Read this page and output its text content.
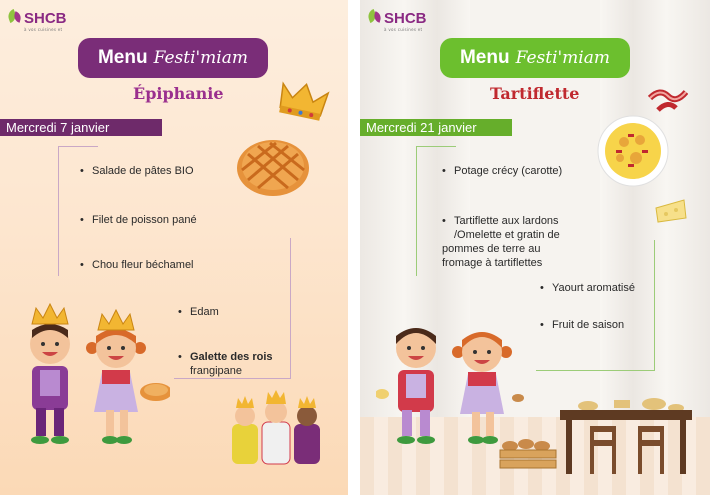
SHCB
à vos cuisines et
Menu Festi'miam
Épiphanie
Mercredi 7 janvier
• Salade de pâtes BIO
• Filet de poisson pané
• Chou fleur béchamel
• Edam
• Galette des rois
frangipane
SHCB
à vos cuisines et
Menu Festi'miam
Tartiflette
Mercredi 21 janvier
• Potage crécy (carotte)
• Tartiflette aux lardons
/Omelette et gratin de
pommes de terre au
fromage à tartiflettes
• Yaourt aromatisé
• Fruit de saison
